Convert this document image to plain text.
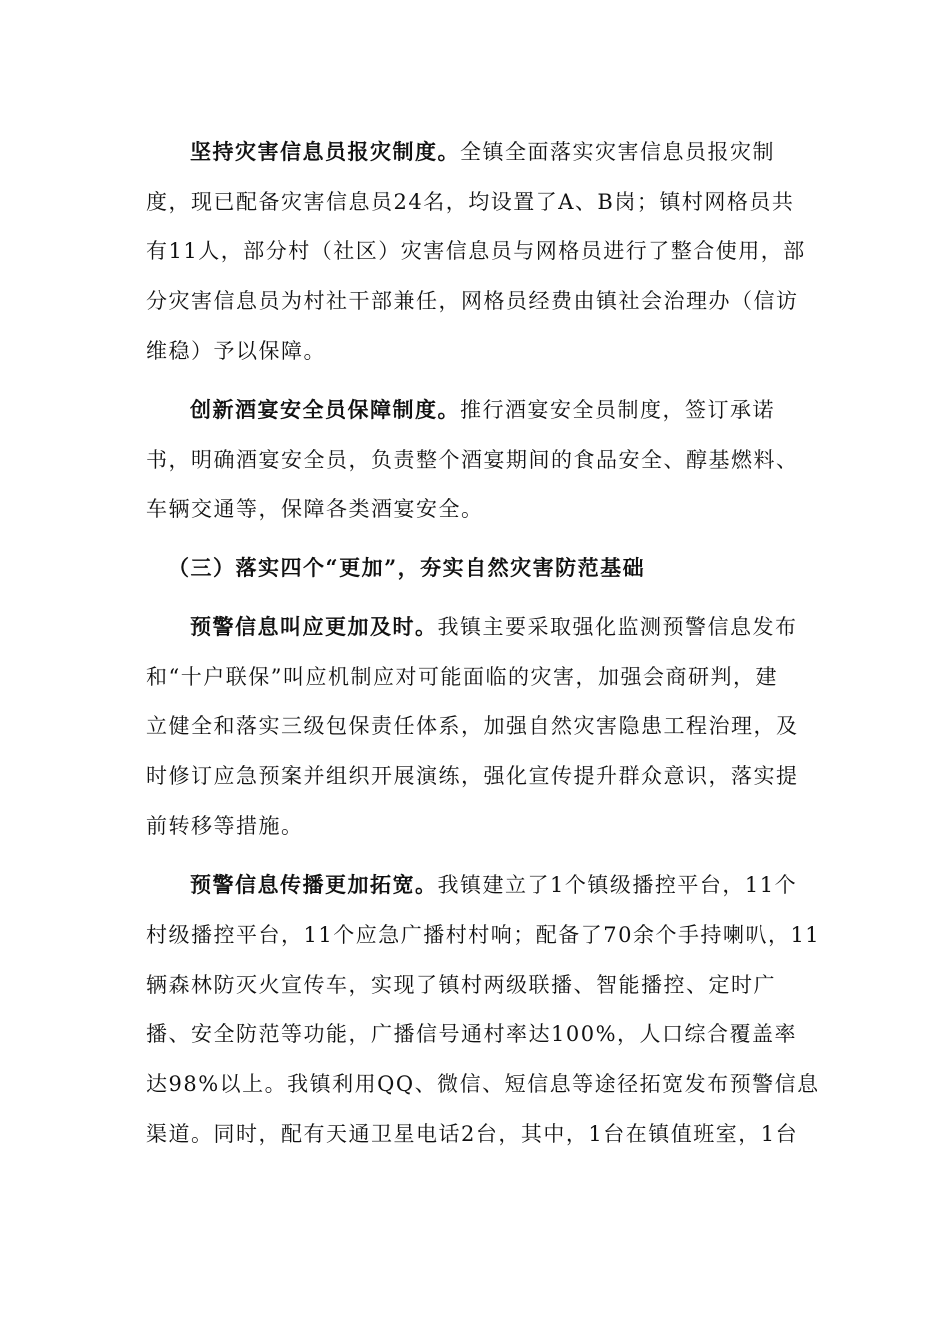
坚持灾害信息员报灾制度。全镇全面落实灾害信息员报灾制
度，现已配备灾害信息员24名，均设置了A、B岗；镇村网格员共
有11人，部分村（社区）灾害信息员与网格员进行了整合使用，部
分灾害信息员为村社干部兼任，网格员经费由镇社会治理办（信访
维稳）予以保障。
创新酒宴安全员保障制度。推行酒宴安全员制度，签订承诺
书，明确酒宴安全员，负责整个酒宴期间的食品安全、醇基燃料、
车辆交通等，保障各类酒宴安全。
（三）落实四个“更加”，夯实自然灾害防范基础
预警信息叫应更加及时。我镇主要采取强化监测预警信息发布
和“十户联保”叫应机制应对可能面临的灾害，加强会商研判，建
立健全和落实三级包保责任体系，加强自然灾害隐患工程治理，及
时修订应急预案并组织开展演练，强化宣传提升群众意识，落实提
前转移等措施。
预警信息传播更加拓宽。我镇建立了1个镇级播控平台，11个
村级播控平台，11个应急广播村村响；配备了70余个手持喇叭，11
辆森林防灭火宣传车，实现了镇村两级联播、智能播控、定时广
播、安全防范等功能，广播信号通村率达100%，人口综合覆盖率
达98%以上。我镇利用QQ、微信、短信息等途径拓宽发布预警信息
渠道。同时，配有天通卫星电话2台，其中，1台在镇值班室，1台
